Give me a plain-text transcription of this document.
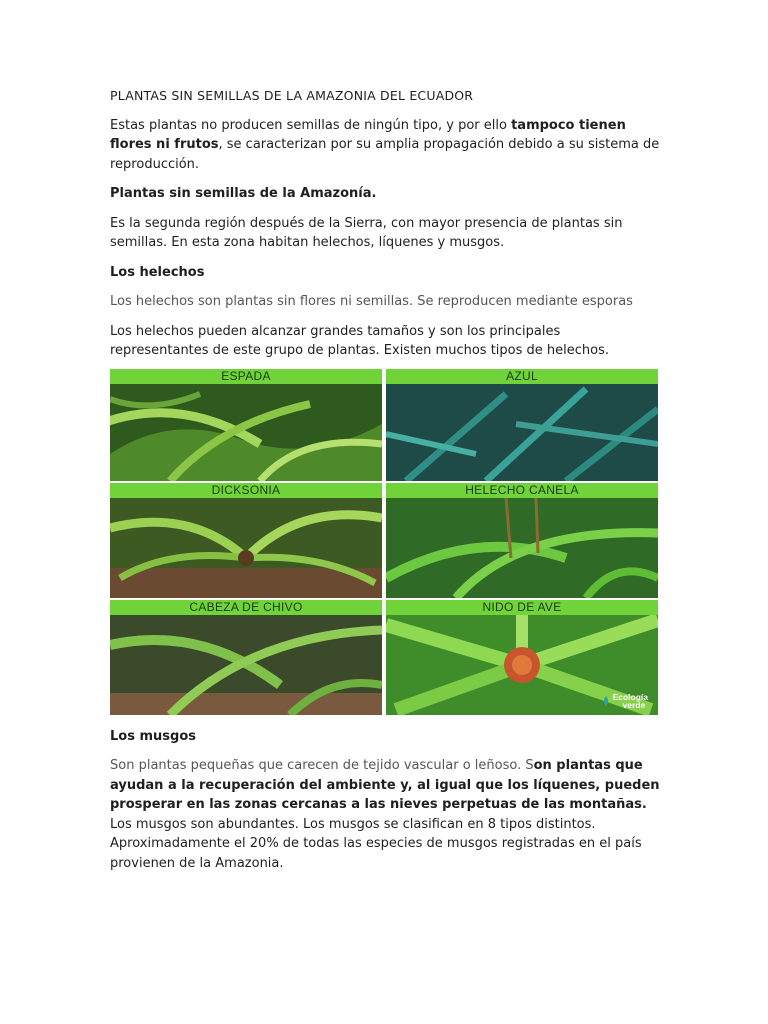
PLANTAS SIN SEMILLAS DE LA AMAZONIA DEL ECUADOR

Estas plantas no producen semillas de ningún tipo, y por ello tampoco tienen flores ni frutos, se caracterizan por su amplia propagación debido a su sistema de reproducción.

Plantas sin semillas de la Amazonía.

Es la segunda región después de la Sierra, con mayor presencia de plantas sin semillas. En esta zona habitan helechos, líquenes y musgos.

Los helechos

Los helechos son plantas sin flores ni semillas. Se reproducen mediante esporas

Los helechos pueden alcanzar grandes tamaños y son los principales representantes de este grupo de plantas. Existen muchos tipos de helechos.

ESPADA	AZUL
DICKSONIA	HELECHO CANELA
CABEZA DE CHIVO	NIDO DE AVE
Ecología
verde

Los musgos

Son plantas pequeñas que carecen de tejido vascular o leñoso. Son plantas que ayudan a la recuperación del ambiente y, al igual que los líquenes, pueden prosperar en las zonas cercanas a las nieves perpetuas de las montañas. Los musgos son abundantes. Los musgos se clasifican en 8 tipos distintos. Aproximadamente el 20% de todas las especies de musgos registradas en el país provienen de la Amazonia.
